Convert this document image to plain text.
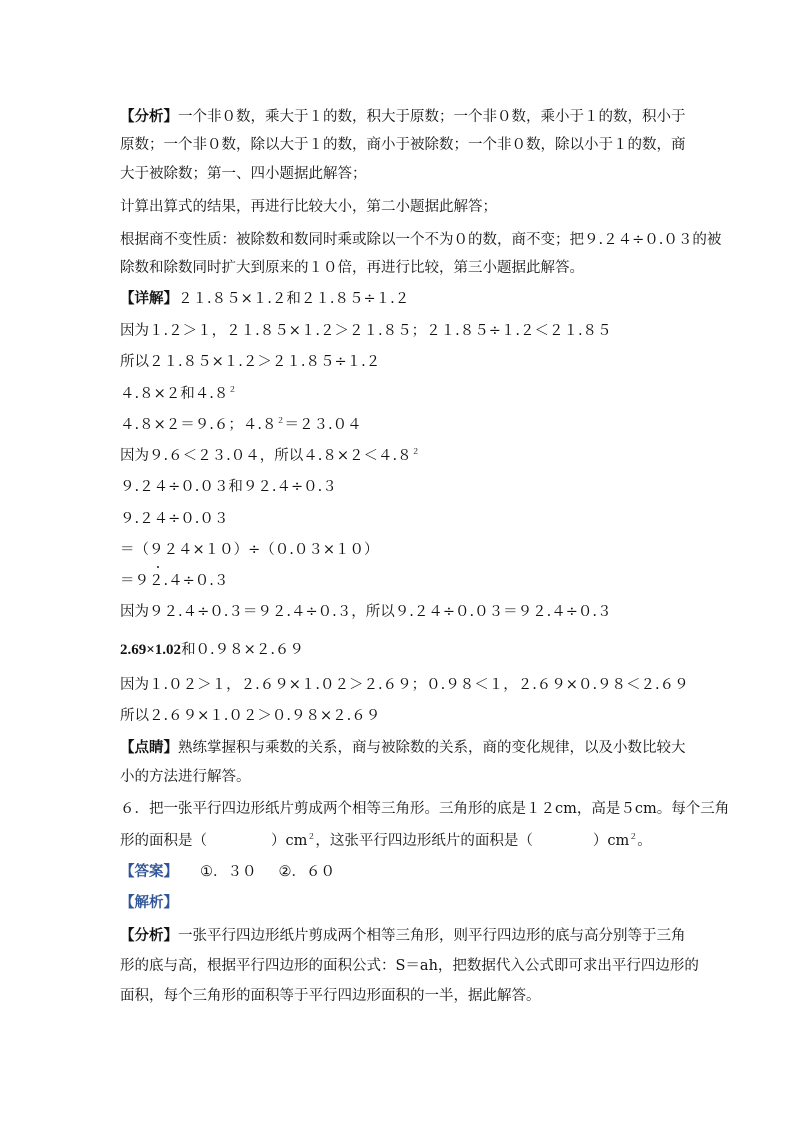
【分析】一个非０数，乘大于１的数，积大于原数；一个非０数，乘小于１的数，积小于
原数；一个非０数，除以大于１的数，商小于被除数；一个非０数，除以小于１的数，商
大于被除数；第一、四小题据此解答；
计算出算式的结果，再进行比较大小，第二小题据此解答；
根据商不变性质：被除数和数同时乘或除以一个不为０的数，商不变；把９.２４÷０.０３的被
除数和除数同时扩大到原来的１０倍，再进行比较，第三小题据此解答。
【详解】２１.８５×１.２和２１.８５÷１.２
因为１.２＞１，２１.８５×１.２＞２１.８５；２１.８５÷１.２＜２１.８５
所以２１.８５×１.２＞２１.８５÷１.２
４.８×２和$4.8^2$
４.８×２＝９.６；$4.8^2=23.04$
因为９.６＜２３.０４，所以$4.8\times 2<4.8^2$
９.２４÷０.０３和９２.４÷０.３
９.２４÷０.０３
＝（９２４×１０）÷（０.０３×１０）
＝９２.４÷０.３
因为９２.４÷０.３＝９２.４÷０.３，所以９.２４÷０.０３＝９２.４÷０.３
2.69×1.02和０.９８×２.６９
因为１.０２＞１，２.６９×１.０２＞２.６９；０.９８＜１，２.６９×０.９８＜２.６９
所以２.６９×１.０２＞０.９８×２.６９
【点睛】熟练掌握积与乘数的关系，商与被除数的关系，商的变化规律，以及小数比较大
小的方法进行解答。
６．把一张平行四边形纸片剪成两个相等三角形。三角形的底是１２cm，高是５cm。每个三角
形的面积是（	）$cm^2$，这张平行四边形纸片的面积是（	）$cm^2$。
【答案】 ①．３０ ②．６０
【解析】
【分析】一张平行四边形纸片剪成两个相等三角形，则平行四边形的底与高分别等于三角
形的底与高，根据平行四边形的面积公式：S＝ah，把数据代入公式即可求出平行四边形的
面积，每个三角形的面积等于平行四边形面积的一半，据此解答。
